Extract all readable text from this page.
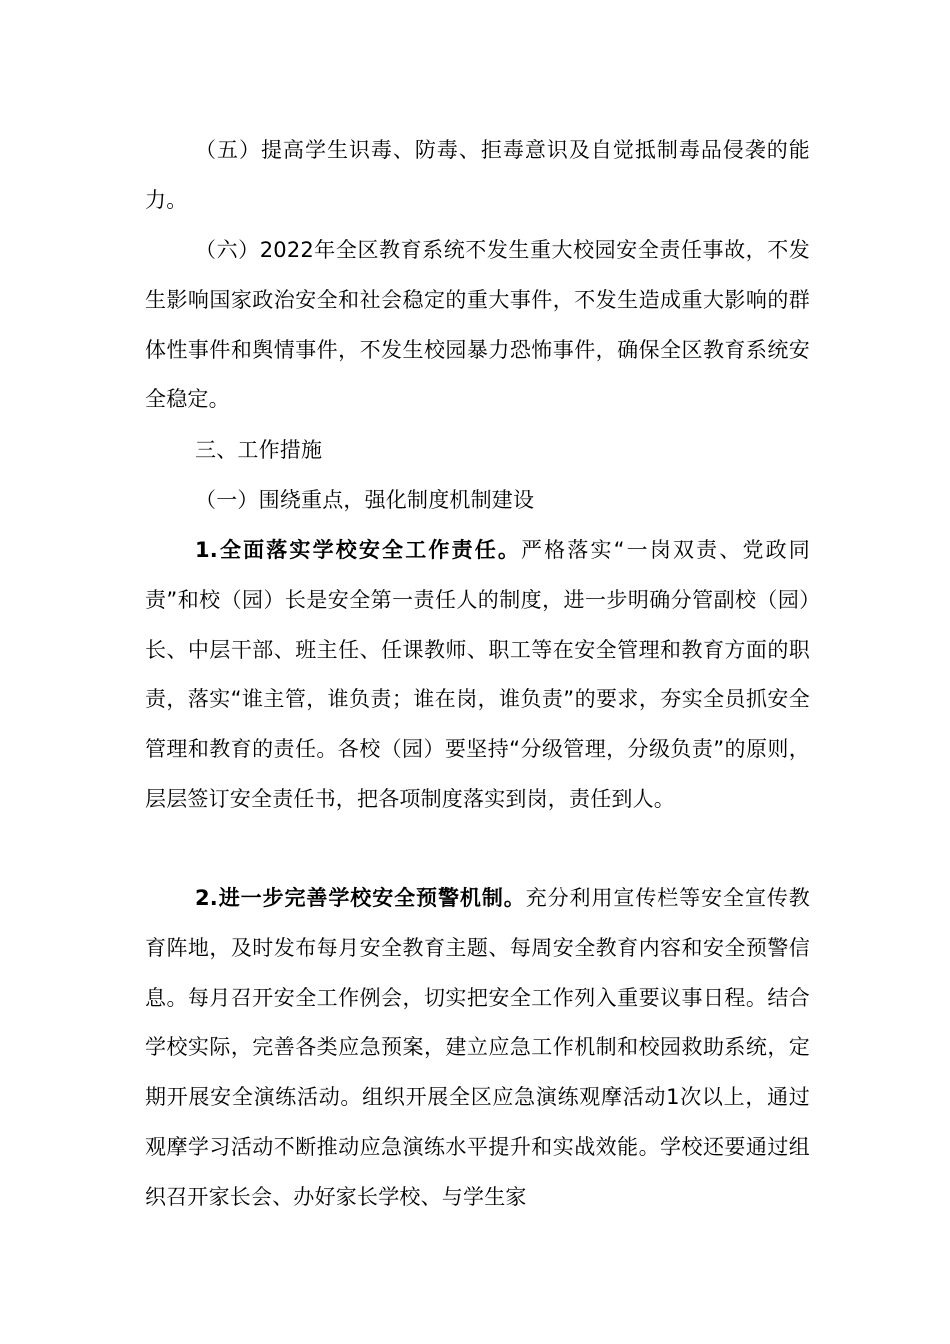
（五）提高学生识毒、防毒、拒毒意识及自觉抵制毒品侵袭的能力。

（六）2022年全区教育系统不发生重大校园安全责任事故，不发生影响国家政治安全和社会稳定的重大事件，不发生造成重大影响的群体性事件和舆情事件，不发生校园暴力恐怖事件，确保全区教育系统安全稳定。

三、工作措施

（一）围绕重点，强化制度机制建设

1.全面落实学校安全工作责任。严格落实“一岗双责、党政同责”和校（园）长是安全第一责任人的制度，进一步明确分管副校（园）长、中层干部、班主任、任课教师、职工等在安全管理和教育方面的职责，落实“谁主管，谁负责；谁在岗，谁负责”的要求，夯实全员抓安全管理和教育的责任。各校（园）要坚持“分级管理，分级负责”的原则，层层签订安全责任书，把各项制度落实到岗，责任到人。

2.进一步完善学校安全预警机制。充分利用宣传栏等安全宣传教育阵地，及时发布每月安全教育主题、每周安全教育内容和安全预警信息。每月召开安全工作例会，切实把安全工作列入重要议事日程。结合学校实际，完善各类应急预案，建立应急工作机制和校园救助系统，定期开展安全演练活动。组织开展全区应急演练观摩活动1次以上，通过观摩学习活动不断推动应急演练水平提升和实战效能。学校还要通过组织召开家长会、办好家长学校、与学生家
